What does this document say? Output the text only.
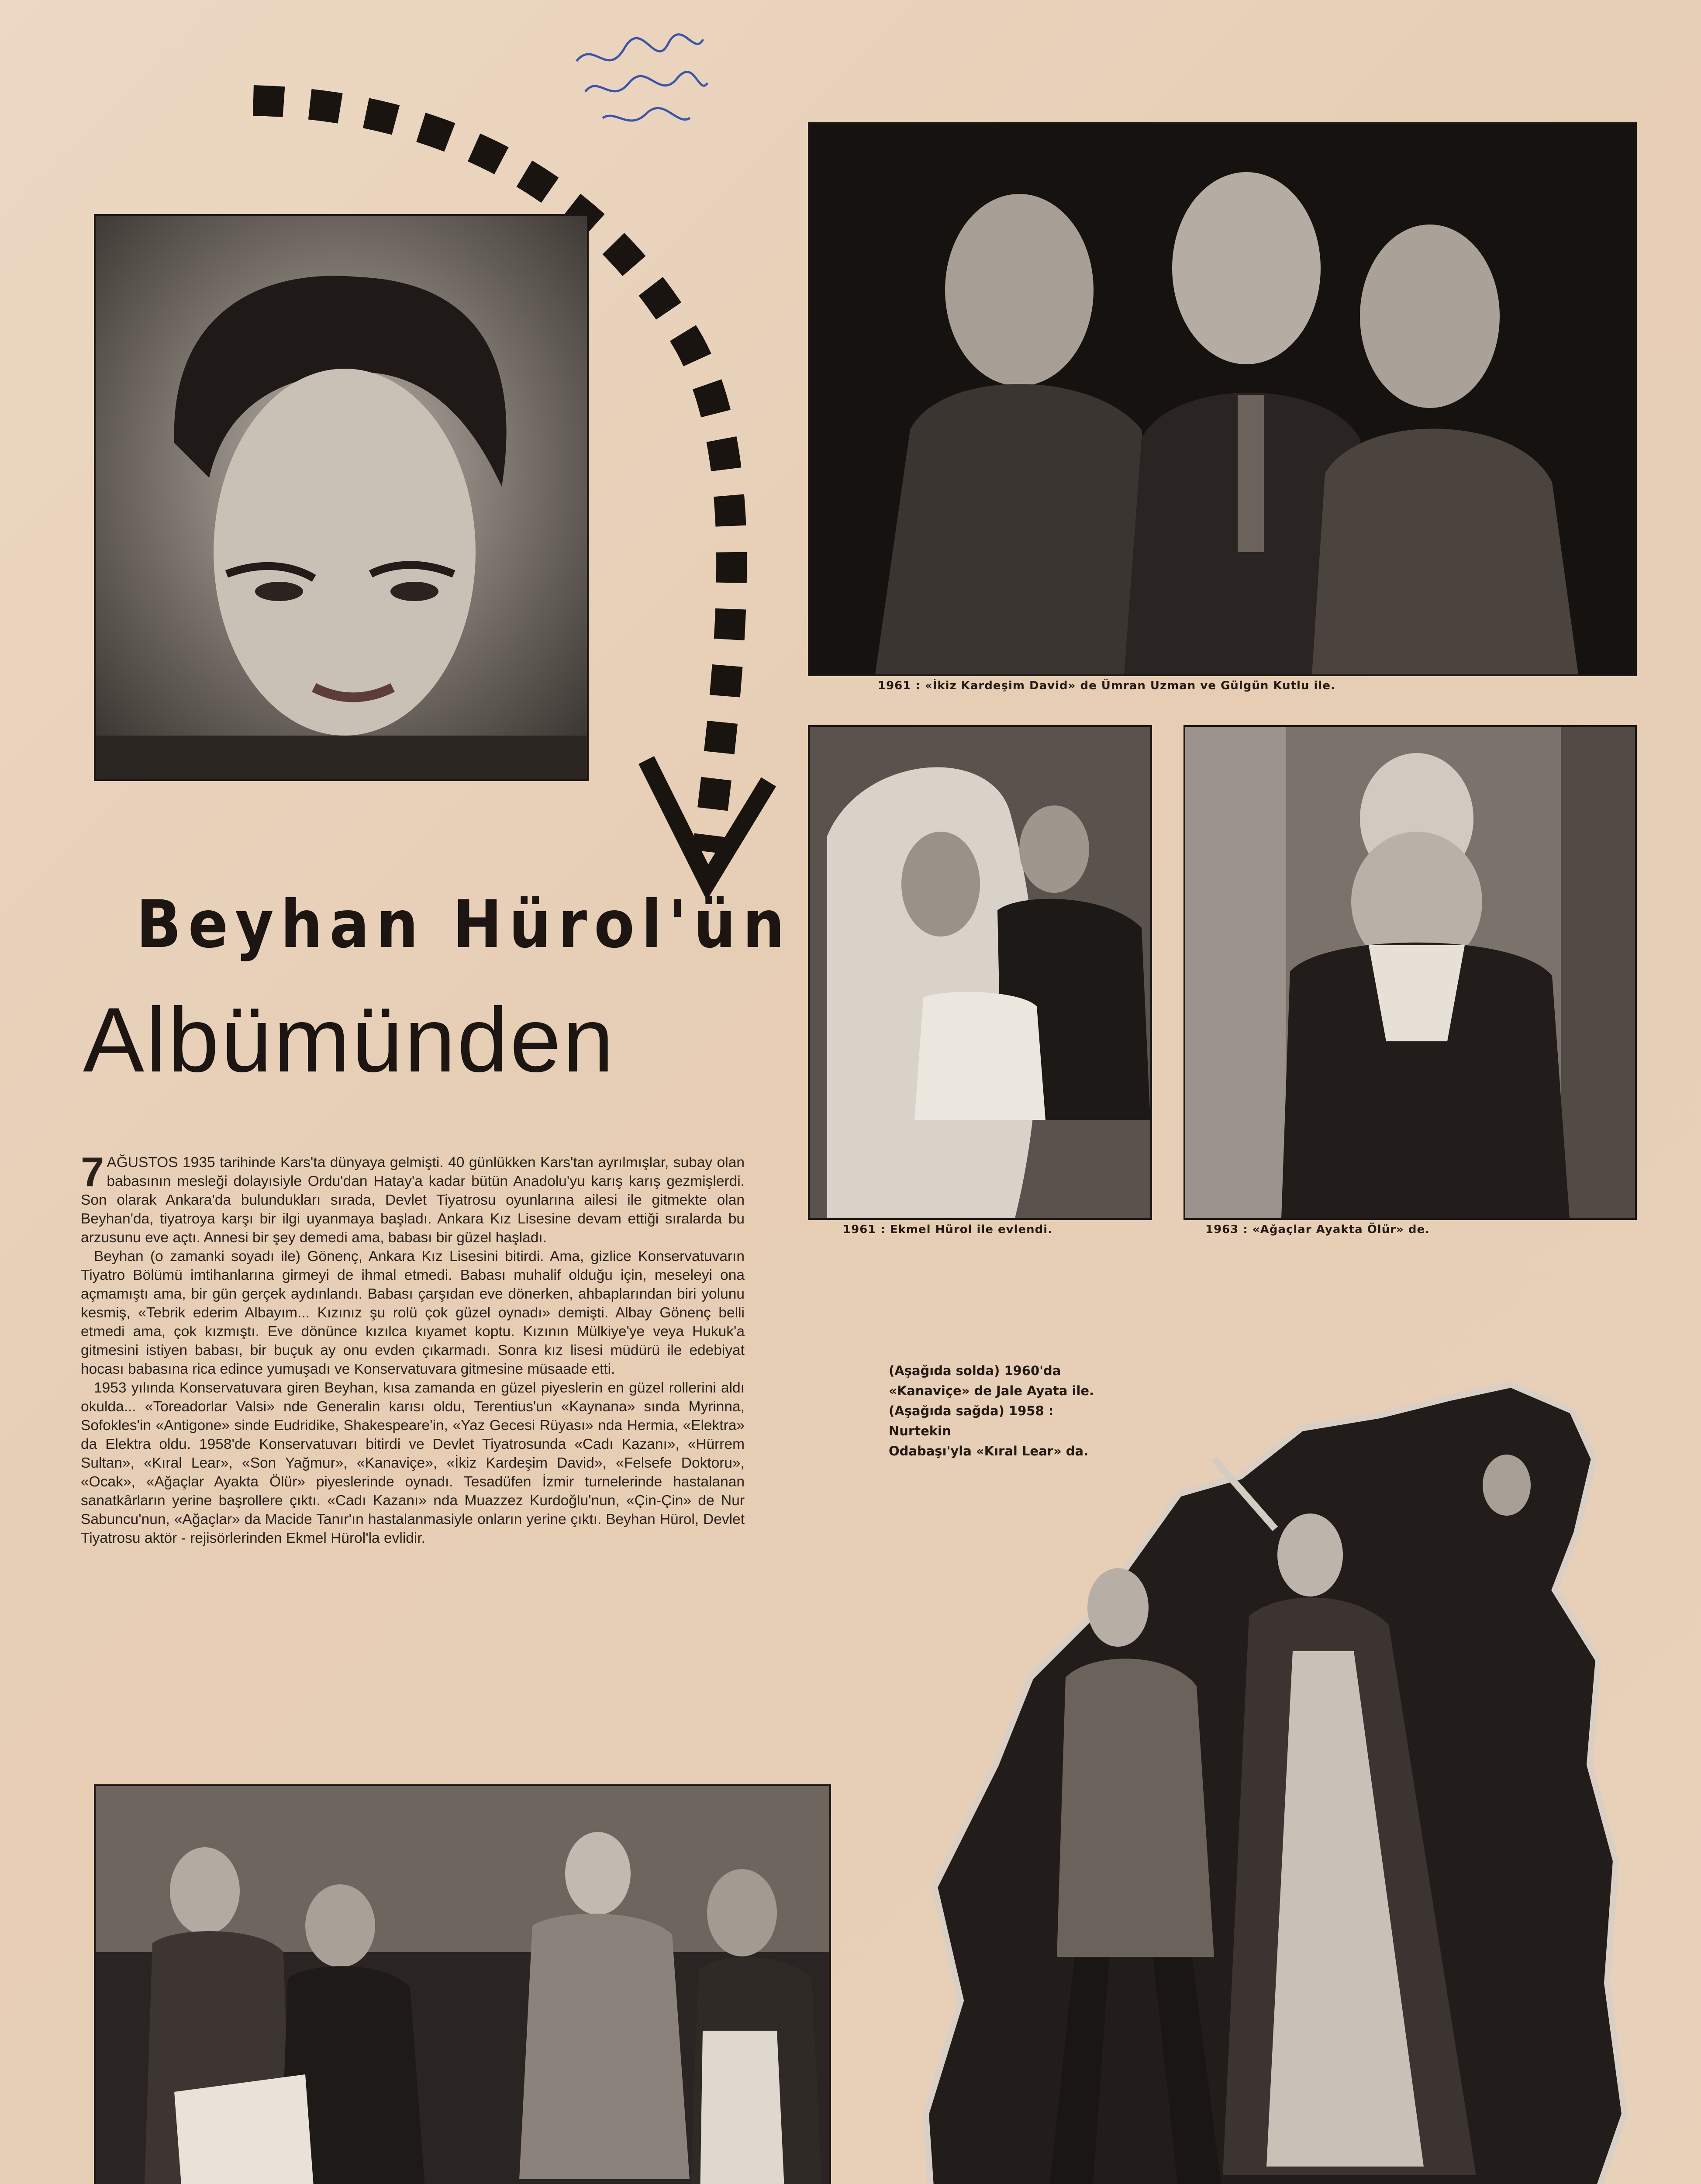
1961 : «İkiz Kardeşim David» de Ümran Uzman ve Gülgün Kutlu ile.
1961 : Ekmel Hürol ile evlendi.	1963 : «Ağaçlar Ayakta Ölür» de.
Beyhan Hürol'ün
Albümünden

7 AĞUSTOS 1935 tarihinde Kars'ta dünyaya gelmişti. 40 günlükken Kars'tan ayrılmışlar, subay olan babasının mesleği dolayısiyle Ordu'dan Hatay'a kadar bütün Anadolu'yu karış karış gezmişlerdi. Son olarak Ankara'da bulundukları sırada, Devlet Tiyatrosu oyunlarına ailesi ile gitmekte olan Beyhan'da, tiyatroya karşı bir ilgi uyanmaya başladı. Ankara Kız Lisesine devam ettiği sıralarda bu arzusunu eve açtı. Annesi bir şey demedi ama, babası bir güzel haşladı.

Beyhan (o zamanki soyadı ile) Gönenç, Ankara Kız Lisesini bitirdi. Ama, gizlice Konservatuvarın Tiyatro Bölümü imtihanlarına girmeyi de ihmal etmedi. Babası muhalif olduğu için, meseleyi ona açmamıştı ama, bir gün gerçek aydınlandı. Babası çarşıdan eve dönerken, ahbaplarından biri yolunu kesmiş, «Tebrik ederim Albayım... Kızınız şu rolü çok güzel oynadı» demişti. Albay Gönenç belli etmedi ama, çok kızmıştı. Eve dönünce kızılca kıyamet koptu. Kızının Mülkiye'ye veya Hukuk'a gitmesini istiyen babası, bir buçuk ay onu evden çıkarmadı. Sonra kız lisesi müdürü ile edebiyat hocası babasına rica edince yumuşadı ve Konservatuvara gitmesine müsaade etti.

1953 yılında Konservatuvara giren Beyhan, kısa zamanda en güzel piyeslerin en güzel rollerini aldı okulda... «Toreadorlar Valsi» nde Generalin karısı oldu, Terentius'un «Kaynana» sında Myrinna, Sofokles'in «Antigone» sinde Eudridike, Shakespeare'in, «Yaz Gecesi Rüyası» nda Hermia, «Elektra» da Elektra oldu. 1958'de Konservatuvarı bitirdi ve Devlet Tiyatrosunda «Cadı Kazanı», «Hürrem Sultan», «Kıral Lear», «Son Yağmur», «Kanaviçe», «İkiz Kardeşim David», «Felsefe Doktoru», «Ocak», «Ağaçlar Ayakta Ölür» piyeslerinde oynadı. Tesadüfen İzmir turnelerinde hastalanan sanatkârların yerine başrollere çıktı. «Cadı Kazanı» nda Muazzez Kurdoğlu'nun, «Çin-Çin» de Nur Sabuncu'nun, «Ağaçlar» da Macide Tanır'ın hastalanmasiyle onların yerine çıktı. Beyhan Hürol, Devlet Tiyatrosu aktör - rejisörlerinden Ekmel Hürol'la evlidir.

(Aşağıda solda) 1960'da
«Kanaviçe» de Jale Ayata ile.
(Aşağıda sağda) 1958 : Nurtekin
Odabaşı'yla «Kıral Lear» da.
